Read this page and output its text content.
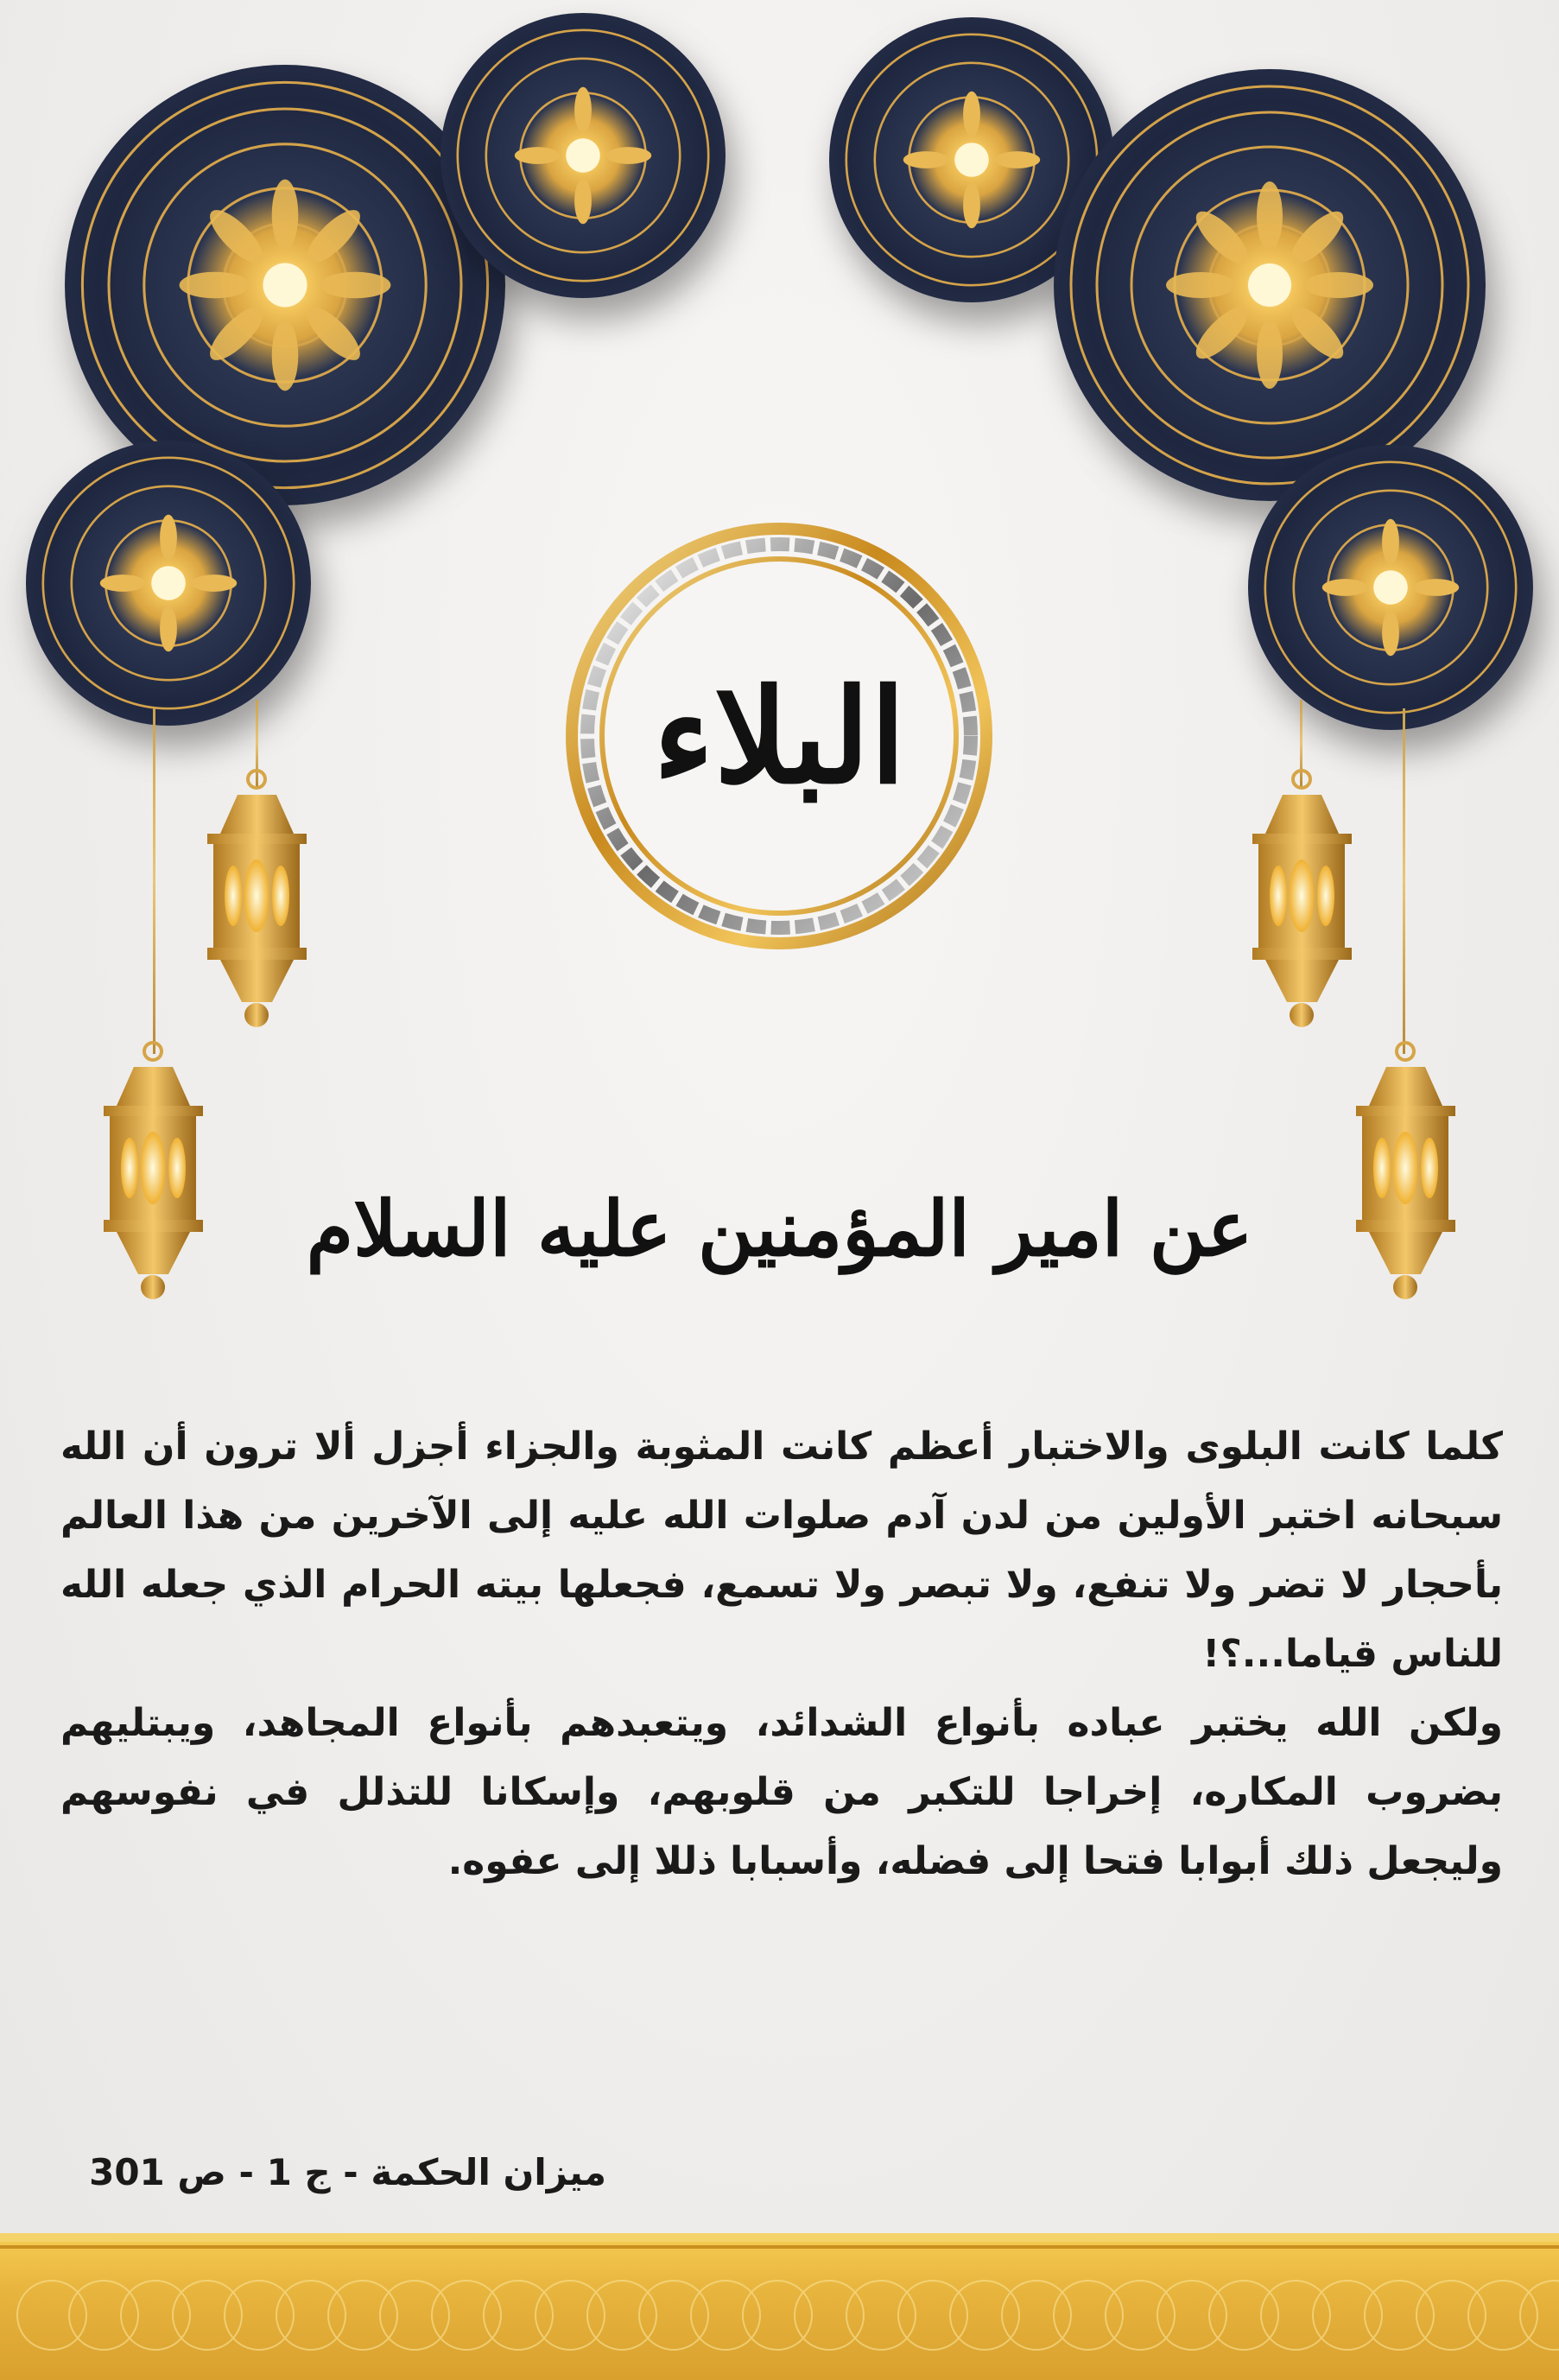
البلاء
عن امير المؤمنين عليه السلام

كلما كانت البلوى والاختبار أعظم كانت المثوبة والجزاء أجزل ألا ترون أن الله سبحانه اختبر الأولين من لدن آدم صلوات الله عليه إلى الآخرين من هذا العالم بأحجار لا تضر ولا تنفع، ولا تبصر ولا تسمع، فجعلها بيته الحرام الذي جعله الله للناس قياما...؟!

ولكن الله يختبر عباده بأنواع الشدائد، ويتعبدهم بأنواع المجاهد، ويبتليهم بضروب المكاره، إخراجا للتكبر من قلوبهم، وإسكانا للتذلل في نفوسهم وليجعل ذلك أبوابا فتحا إلى فضله، وأسبابا ذللا إلى عفوه.

ميزان الحكمة - ج 1 - ص 301
